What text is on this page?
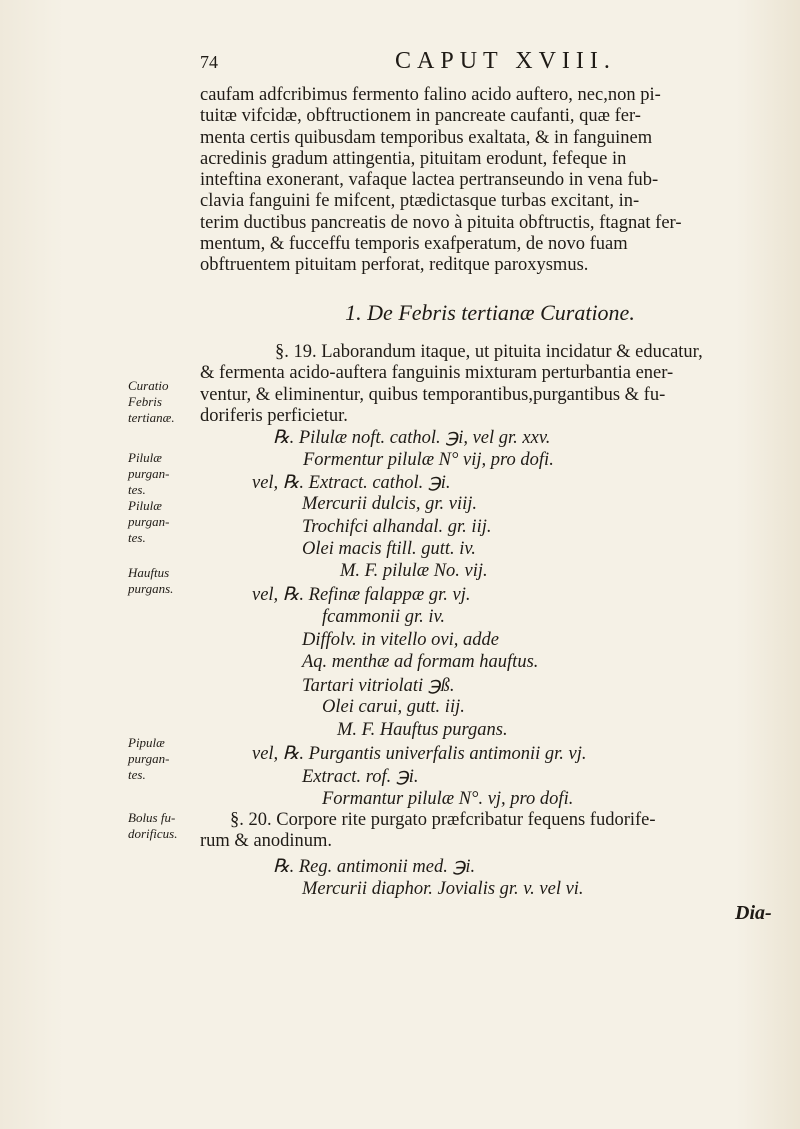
74	CAPUT XVIII.
caufam adfcribimus fermento falino acido auftero, nec,non pi-
tuitæ vifcidæ, obftructionem in pancreate caufanti, quæ fer-
menta certis quibusdam temporibus exaltata, & in fanguinem
acredinis gradum attingentia, pituitam erodunt, fefeque in
inteftina exonerant, vafaque lactea pertranseundo in vena fub-
clavia fanguini fe mifcent, ptædictasque turbas excitant, in-
terim ductibus pancreatis de novo à pituita obftructis, ftagnat fer-
mentum, & fucceffu temporis exafperatum, de novo fuam
obftruentem pituitam perforat, reditque paroxysmus.
1. De Febris tertianæ Curatione.
§. 19. Laborandum itaque, ut pituita incidatur & educatur,
& fermenta acido-auftera fanguinis mixturam perturbantia ener-
ventur, & eliminentur, quibus temporantibus,purgantibus & fu-
doriferis perficietur.
℞. Pilulæ noft. cathol. ℈i, vel gr. xxv.
Formentur pilulæ N° vij, pro dofi.
vel, ℞. Extract. cathol. ℈i.
Mercurii dulcis, gr. viij.
Trochifci alhandal. gr. iij.
Olei macis ftill. gutt. iv.
M. F. pilulæ No. vij.
vel, ℞. Refinæ falappæ gr. vj.
fcammonii gr. iv.
Diffolv. in vitello ovi, adde
Aq. menthæ ad formam hauftus.
Tartari vitriolati ℈ß.
Olei carui, gutt. iij.
M. F. Hauftus purgans.
vel, ℞. Purgantis univerfalis antimonii gr. vj.
Extract. rof. ℈i.
Formantur pilulæ N°. vj, pro dofi.
§. 20. Corpore rite purgato præfcribatur fequens fudorife-
rum & anodinum.
℞. Reg. antimonii med. ℈i.
Mercurii diaphor. Jovialis gr. v. vel vi.
Dia-
Curatio
Febris
tertianæ.
Pilulæ
purgan-
tes.
Pilulæ
purgan-
tes.
Hauftus
purgans.
Pipulæ
purgan-
tes.
Bolus fu-
dorificus.
